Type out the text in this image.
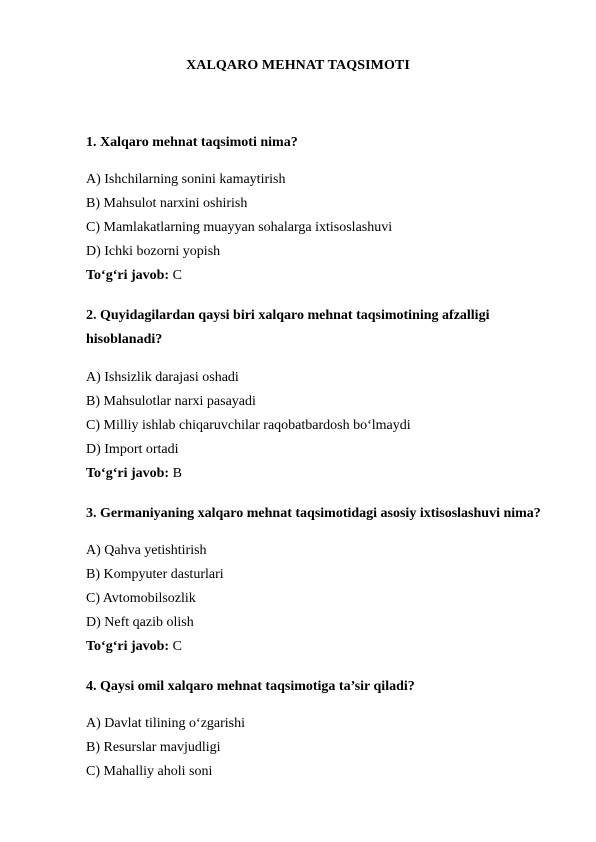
XALQARO MEHNAT TAQSIMOTI
1. Xalqaro mehnat taqsimoti nima?
A) Ishchilarning sonini kamaytirish
B) Mahsulot narxini oshirish
C) Mamlakatlarning muayyan sohalarga ixtisoslashuvi
D) Ichki bozorni yopish
To‘g‘ri javob: C
2. Quyidagilardan qaysi biri xalqaro mehnat taqsimotining afzalligi hisoblanadi?
A) Ishsizlik darajasi oshadi
B) Mahsulotlar narxi pasayadi
C) Milliy ishlab chiqaruvchilar raqobatbardosh bo‘lmaydi
D) Import ortadi
To‘g‘ri javob: B
3. Germaniyaning xalqaro mehnat taqsimotidagi asosiy ixtisoslashuvi nima?
A) Qahva yetishtirish
B) Kompyuter dasturlari
C) Avtomobilsozlik
D) Neft qazib olish
To‘g‘ri javob: C
4. Qaysi omil xalqaro mehnat taqsimotiga ta’sir qiladi?
A) Davlat tilining o‘zgarishi
B) Resurslar mavjudligi
C) Mahalliy aholi soni
